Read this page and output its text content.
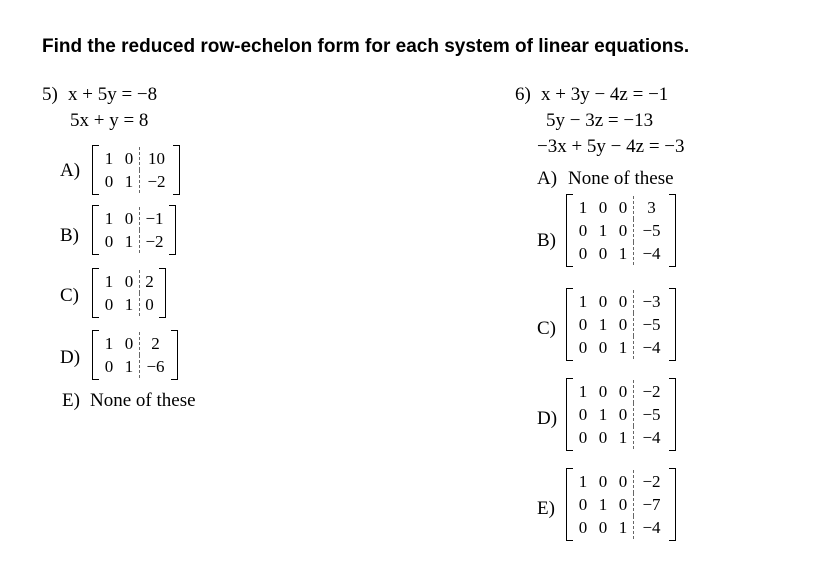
Find the reduced row-echelon form for each system of linear equations.
5) x + 5y = −8
5x + y = 8
A)
1 0 10
0 1 −2
B)
1 0 −1
0 1 −2
C)
1 0 2
0 1 0
D)
1 0	2
0 1 −6
E) None of these
6) x + 3y − 4z = −1
5y − 3z = −13
−3x + 5y − 4z = −3
A) None of these
B)
1 0 0	3
0 1 0 −5
0 0 1 −4
C)
1 0 0 −3
0 1 0 −5
0 0 1 −4
D)
1 0 0 −2
0 1 0 −5
0 0 1 −4
E)
1 0 0 −2
0 1 0 −7
0 0 1 −4
